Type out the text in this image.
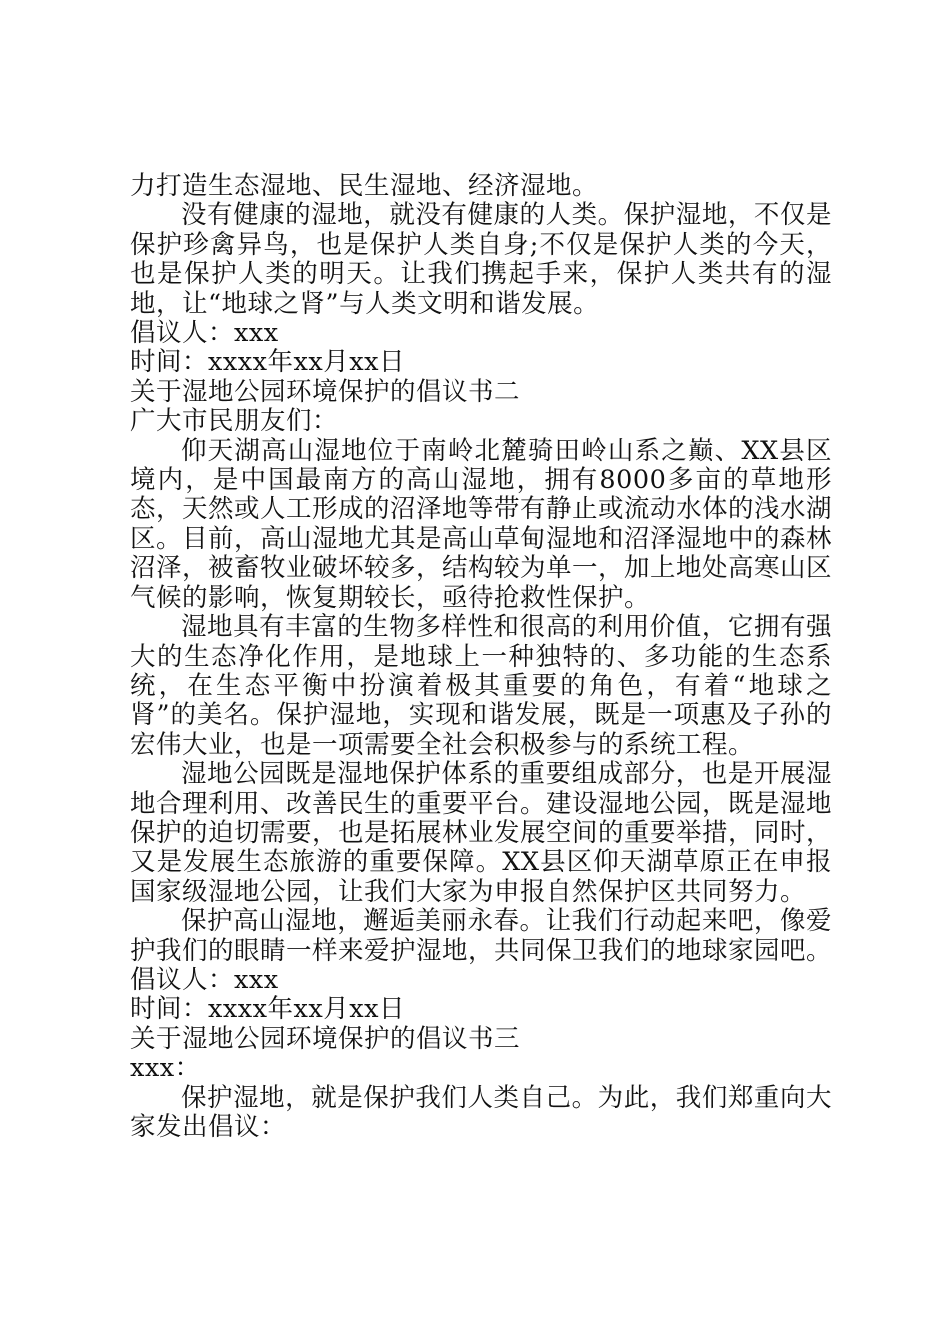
力打造生态湿地、民生湿地、经济湿地。

没有健康的湿地，就没有健康的人类。保护湿地，不仅是保护珍禽异鸟，也是保护人类自身;不仅是保护人类的今天，也是保护人类的明天。让我们携起手来，保护人类共有的湿地，让“地球之肾”与人类文明和谐发展。

倡议人：xxx

时间：xxxx年xx月xx日

关于湿地公园环境保护的倡议书二

广大市民朋友们：

仰天湖高山湿地位于南岭北麓骑田岭山系之巅、XX县区境内，是中国最南方的高山湿地，拥有8000多亩的草地形态，天然或人工形成的沼泽地等带有静止或流动水体的浅水湖区。目前，高山湿地尤其是高山草甸湿地和沼泽湿地中的森林沼泽，被畜牧业破坏较多，结构较为单一，加上地处高寒山区气候的影响，恢复期较长，亟待抢救性保护。

湿地具有丰富的生物多样性和很高的利用价值，它拥有强大的生态净化作用，是地球上一种独特的、多功能的生态系统，在生态平衡中扮演着极其重要的角色，有着“地球之肾”的美名。保护湿地，实现和谐发展，既是一项惠及子孙的宏伟大业，也是一项需要全社会积极参与的系统工程。

湿地公园既是湿地保护体系的重要组成部分，也是开展湿地合理利用、改善民生的重要平台。建设湿地公园，既是湿地保护的迫切需要，也是拓展林业发展空间的重要举措，同时，又是发展生态旅游的重要保障。XX县区仰天湖草原正在申报国家级湿地公园，让我们大家为申报自然保护区共同努力。

保护高山湿地，邂逅美丽永春。让我们行动起来吧，像爱护我们的眼睛一样来爱护湿地，共同保卫我们的地球家园吧。

倡议人：xxx

时间：xxxx年xx月xx日

关于湿地公园环境保护的倡议书三

xxx：

保护湿地，就是保护我们人类自己。为此，我们郑重向大家发出倡议：
